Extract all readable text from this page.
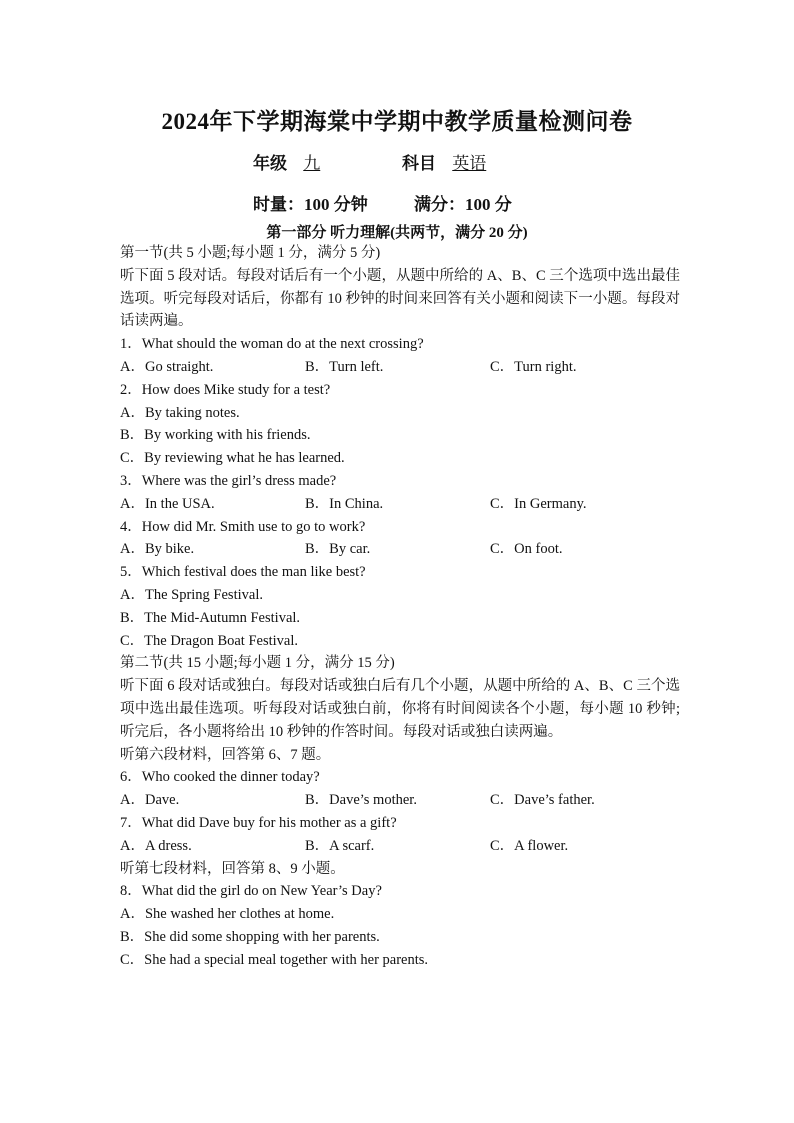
2024年下学期海棠中学期中教学质量检测问卷
年级 九	科目 英语
时量：100 分钟	满分：100 分
第一部分 听力理解(共两节，满分 20 分)
第一节(共 5 小题;每小题 1 分，满分 5 分)
听下面 5 段对话。每段对话后有一个小题，从题中所给的 A、B、C 三个选项中选出最佳选项。听完每段对话后，你都有 10 秒钟的时间来回答有关小题和阅读下一小题。每段对话读两遍。
1．What should the woman do at the next crossing?
A．Go straight.	B．Turn left.	C．Turn right.
2．How does Mike study for a test?
A．By taking notes.
B．By working with his friends.
C．By reviewing what he has learned.
3．Where was the girl’s dress made?
A．In the USA.	B．In China.	C．In Germany.
4．How did Mr. Smith use to go to work?
A．By bike.	B．By car.	C．On foot.
5．Which festival does the man like best?
A．The Spring Festival.
B．The Mid-Autumn Festival.
C．The Dragon Boat Festival.
第二节(共 15 小题;每小题 1 分，满分 15 分)
听下面 6 段对话或独白。每段对话或独白后有几个小题，从题中所给的 A、B、C 三个选项中选出最佳选项。听每段对话或独白前，你将有时间阅读各个小题，每小题 10 秒钟;听完后，各小题将给出 10 秒钟的作答时间。每段对话或独白读两遍。
听第六段材料，回答第 6、7 题。
6．Who cooked the dinner today?
A．Dave.	B．Dave’s mother.	C．Dave’s father.
7．What did Dave buy for his mother as a gift?
A．A dress.	B．A scarf.	C．A flower.
听第七段材料，回答第 8、9 小题。
8．What did the girl do on New Year’s Day?
A．She washed her clothes at home.
B．She did some shopping with her parents.
C．She had a special meal together with her parents.
